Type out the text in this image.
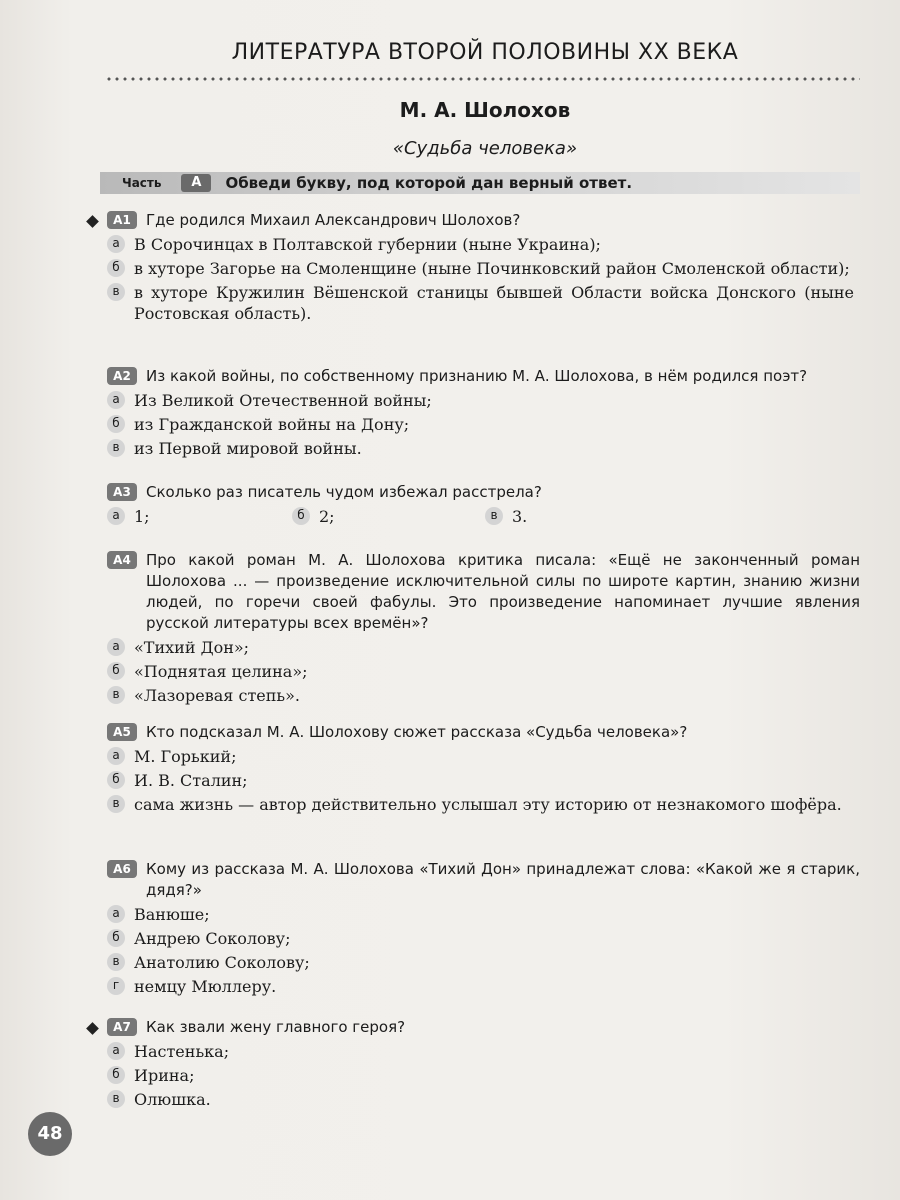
ЛИТЕРАТУРА ВТОРОЙ ПОЛОВИНЫ XX ВЕКА
М. А. Шолохов
«Судьба человека»
Часть	А	Обведи букву, под которой дан верный ответ.
А1	Где родился Михаил Александрович Шолохов?
а В Сорочинцах в Полтавской губернии (ныне Украина);
б в хуторе Загорье на Смоленщине (ныне Починковский район Смоленской области);
в в хуторе Кружилин Вёшенской станицы бывшей Области войска Донского (ныне Ростовская область).
А2	Из какой войны, по собственному признанию М. А. Шолохова, в нём родился поэт?
а Из Великой Отечественной войны;
б из Гражданской войны на Дону;
в из Первой мировой войны.
А3	Сколько раз писатель чудом избежал расстрела?
а 1;	б 2;	в 3.
А4	Про какой роман М. А. Шолохова критика писала: «Ещё не законченный роман Шолохова ... — произведение исключительной силы по широте картин, знанию жизни людей, по горечи своей фабулы. Это произведение напоминает лучшие явления русской литературы всех времён»?
а «Тихий Дон»;
б «Поднятая целина»;
в «Лазоревая степь».
А5	Кто подсказал М. А. Шолохову сюжет рассказа «Судьба человека»?
а М. Горький;
б И. В. Сталин;
в сама жизнь — автор действительно услышал эту историю от незнакомого шофёра.
А6	Кому из рассказа М. А. Шолохова «Тихий Дон» принадлежат слова: «Какой же я старик, дядя?»
а Ванюше;
б Андрею Соколову;
в Анатолию Соколову;
г немцу Мюллеру.
А7	Как звали жену главного героя?
а Настенька;
б Ирина;
в Олюшка.
48
